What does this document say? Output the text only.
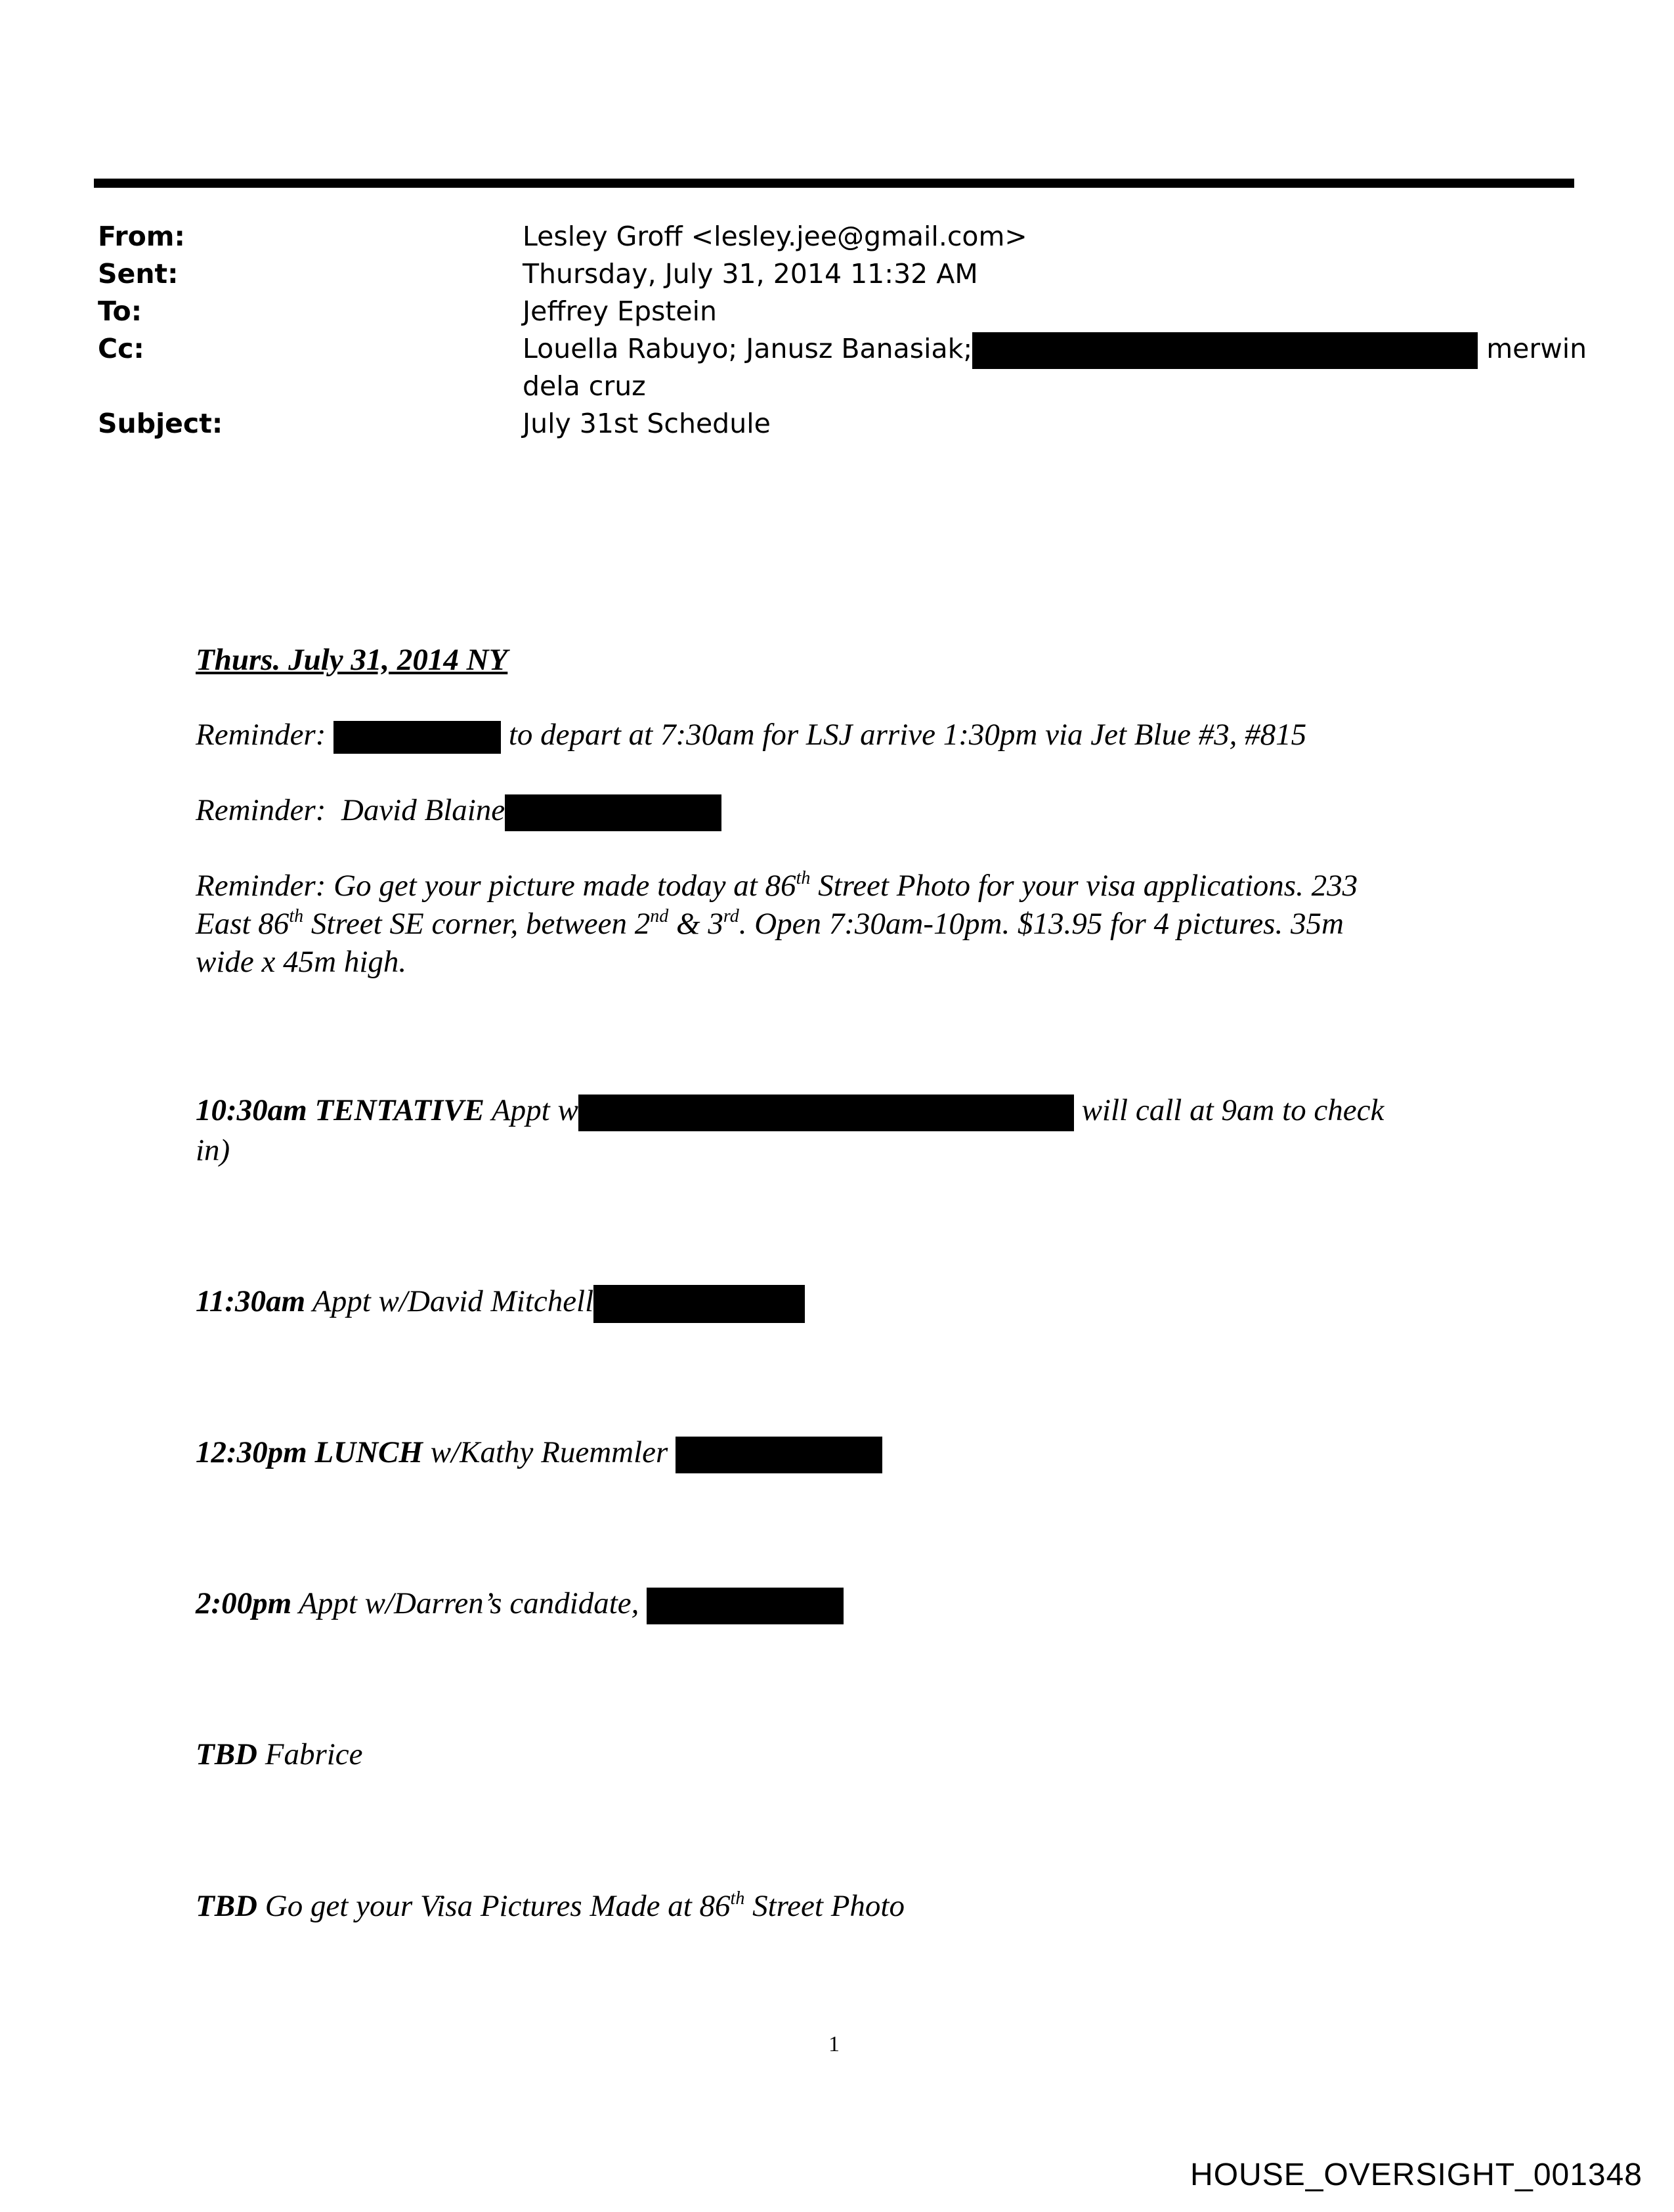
From:	Lesley Groff <lesley.jee@gmail.com>
Sent:	Thursday, July 31, 2014 11:32 AM
To:	Jeffrey Epstein
Cc:	Louella Rabuyo; Janusz Banasiak;	merwin
dela cruz
Subject:	July 31st Schedule
Thurs. July 31, 2014 NY
Reminder:	to depart at 7:30am for LSJ arrive 1:30pm via Jet Blue #3, #815
Reminder: David Blaine
Reminder: Go get your picture made today at 86th Street Photo for your visa applications. 233
East 86th Street SE corner, between 2nd & 3rd. Open 7:30am-10pm. $13.95 for 4 pictures. 35m
wide x 45m high.
10:30am TENTATIVE Appt w	will call at 9am to check
in)
11:30am Appt w/David Mitchell
12:30pm LUNCH w/Kathy Ruemmler
2:00pm Appt w/Darren’s candidate,
TBD Fabrice
TBD Go get your Visa Pictures Made at 86th Street Photo
1
HOUSE_OVERSIGHT_001348
